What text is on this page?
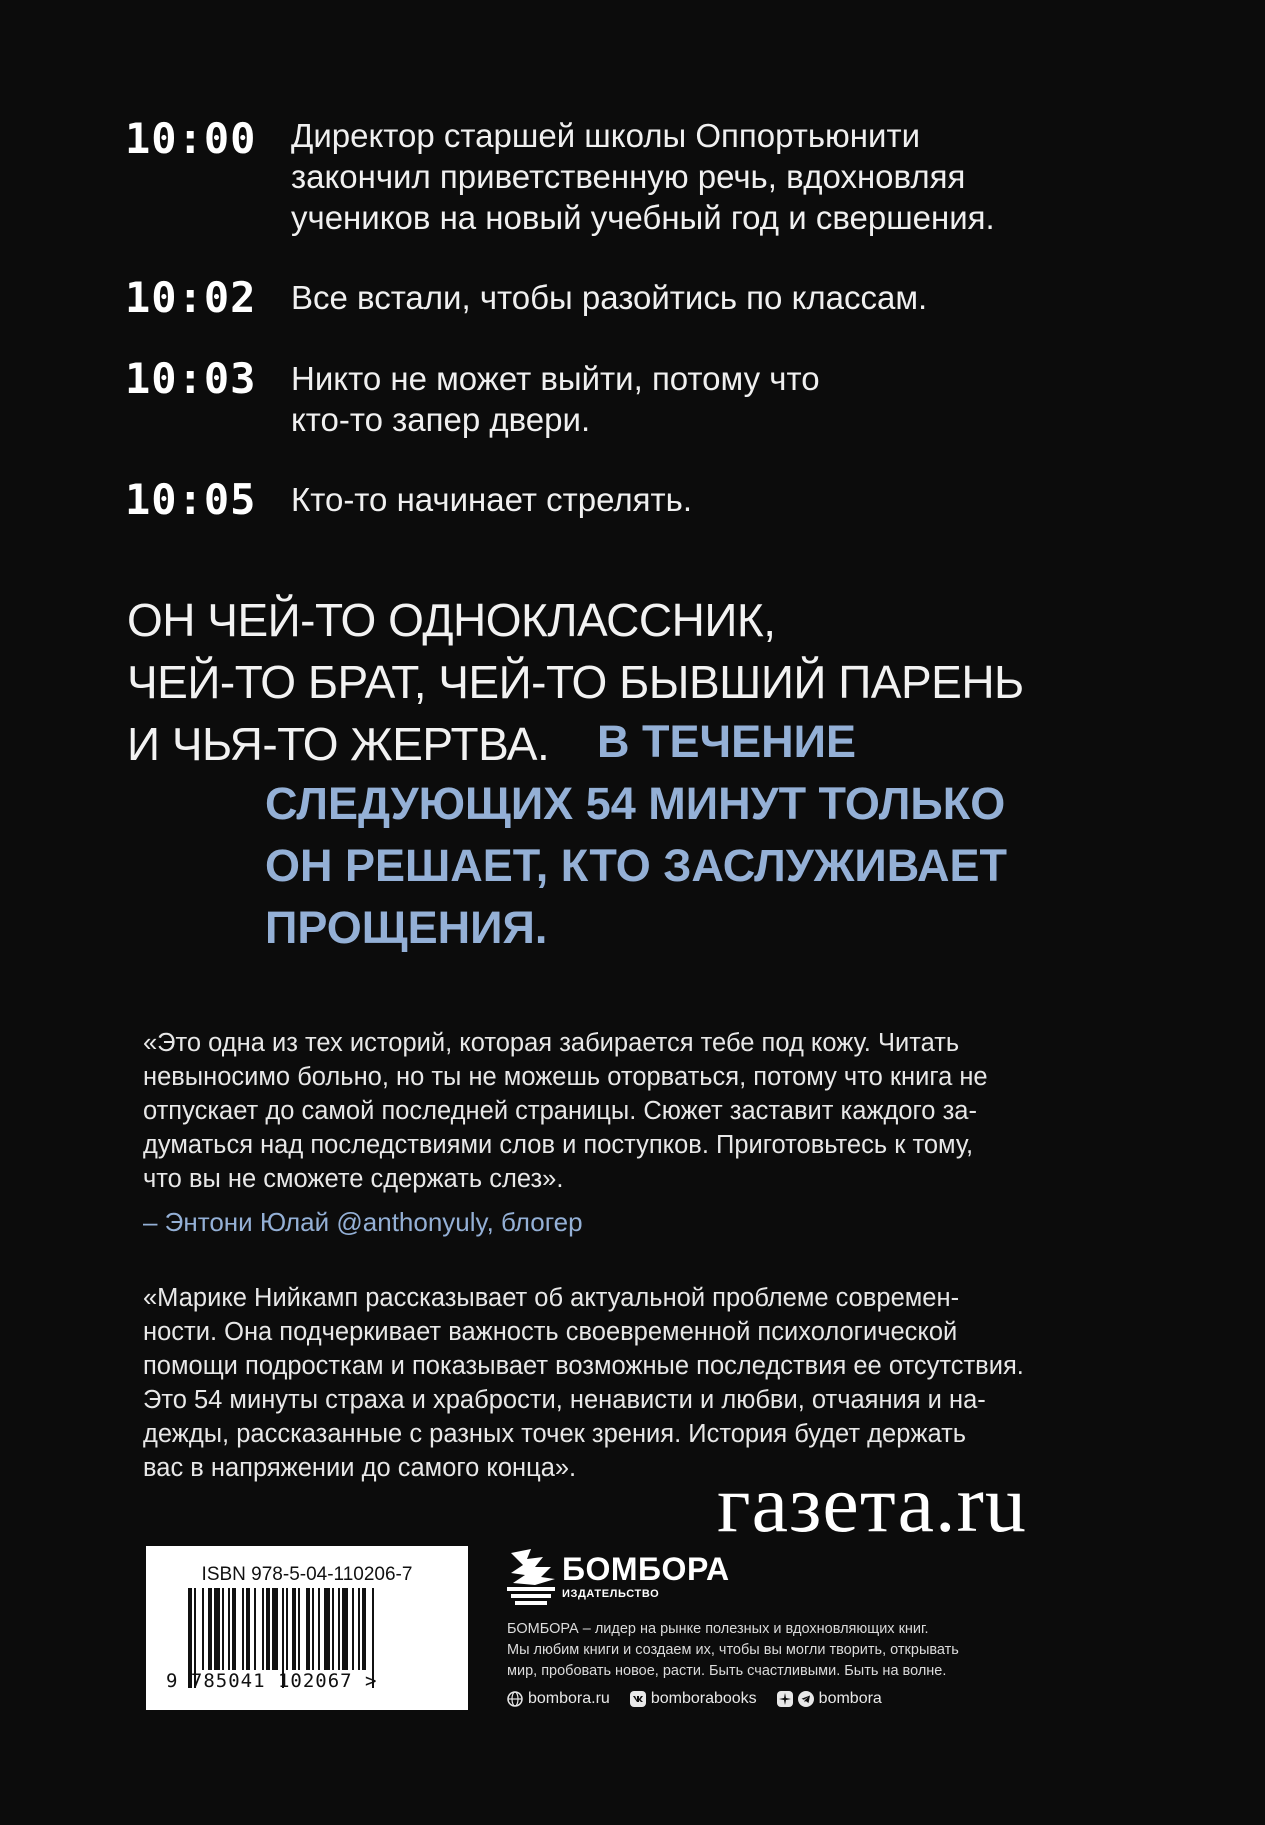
10:00	Директор старшей школы Оппортьюнити
закончил приветственную речь, вдохновляя
учеников на новый учебный год и свершения.
10:02	Все встали, чтобы разойтись по классам.
10:03	Никто не может выйти, потому что
кто-то запер двери.
10:05	Кто-то начинает стрелять.
ОН ЧЕЙ-ТО ОДНОКЛАССНИК,
ЧЕЙ-ТО БРАТ, ЧЕЙ-ТО БЫВШИЙ ПАРЕНЬ
И ЧЬЯ-ТО ЖЕРТВА.	В ТЕЧЕНИЕ
СЛЕДУЮЩИХ 54 МИНУТ ТОЛЬКО
ОН РЕШАЕТ, КТО ЗАСЛУЖИВАЕТ
ПРОЩЕНИЯ.
«Это одна из тех историй, которая забирается тебе под кожу. Читать
невыносимо больно, но ты не можешь оторваться, потому что книга не
отпускает до самой последней страницы. Сюжет заставит каждого за-
думаться над последствиями слов и поступков. Приготовьтесь к тому,
что вы не сможете сдержать слез».
– Энтони Юлай @anthonyuly, блогер
«Марике Нийкамп рассказывает об актуальной проблеме современ-
ности. Она подчеркивает важность своевременной психологической
помощи подросткам и показывает возможные последствия ее отсутствия.
Это 54 минуты страха и храбрости, ненависти и любви, отчаяния и на-
дежды, рассказанные с разных точек зрения. История будет держать
вас в напряжении до самого конца».	газета.ru
ISBN 978-5-04-110206-7
9 785041 102067 >
БОМБОРА
ИЗДАТЕЛЬСТВО
БОМБОРА – лидер на рынке полезных и вдохновляющих книг.
Мы любим книги и создаем их, чтобы вы могли творить, открывать
мир, пробовать новое, расти. Быть счастливыми. Быть на волне.
bombora.ru	bomborabooks	bombora
